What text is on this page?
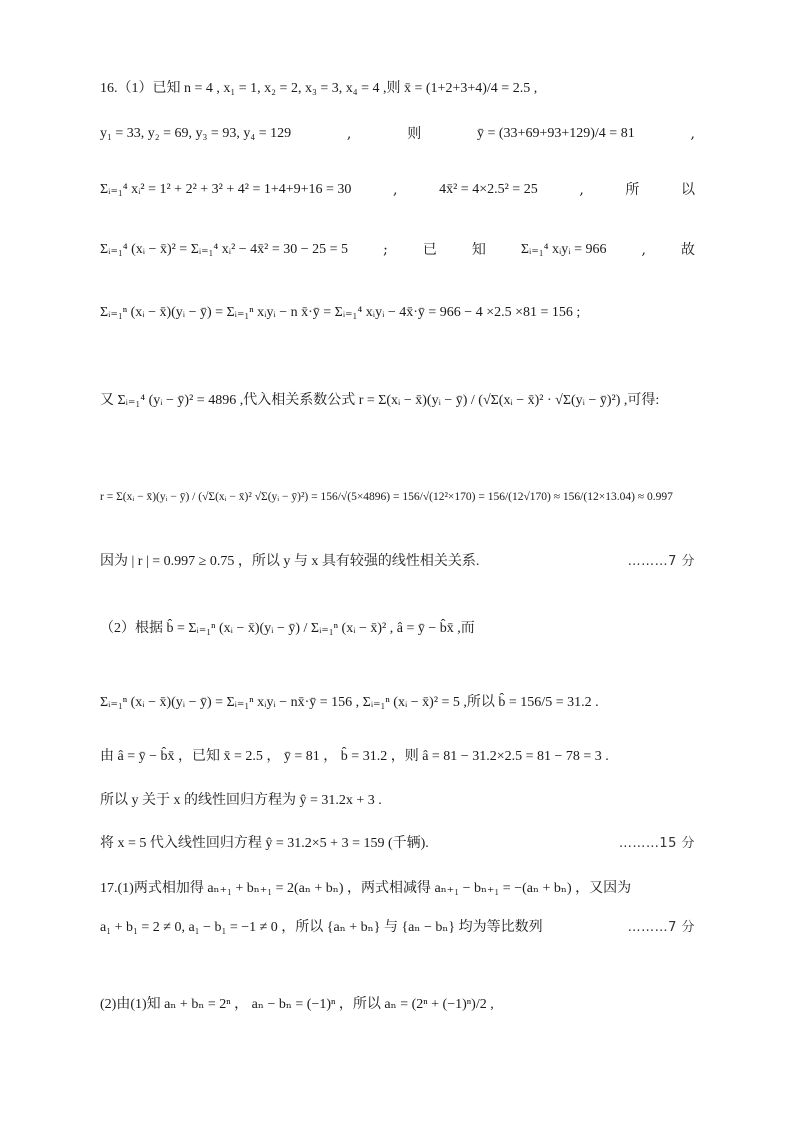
16.（1）已知 n = 4 , x₁ = 1, x₂ = 2, x₃ = 3, x₄ = 4 ,则 x̄ = (1+2+3+4)/4 = 2.5 ,
y₁ = 33, y₂ = 69, y₃ = 93, y₄ = 129	,	则	ȳ = (33+69+93+129)/4 = 81	,
Σᵢ₌₁⁴ xᵢ² = 1² + 2² + 3² + 4² = 1+4+9+16 = 30	,	4x̄² = 4×2.5² = 25	,	所	以
Σᵢ₌₁⁴ (xᵢ − x̄)² = Σᵢ₌₁⁴ xᵢ² − 4x̄² = 30 − 25 = 5	;	已	知	Σᵢ₌₁⁴ xᵢyᵢ = 966	,	故
Σᵢ₌₁ⁿ (xᵢ − x̄)(yᵢ − ȳ) = Σᵢ₌₁ⁿ xᵢyᵢ − n x̄·ȳ = Σᵢ₌₁⁴ xᵢyᵢ − 4x̄·ȳ = 966 − 4 ×2.5 ×81 = 156 ;
又 Σᵢ₌₁⁴ (yᵢ − ȳ)² = 4896 ,代入相关系数公式 r = Σ(xᵢ − x̄)(yᵢ − ȳ) / (√Σ(xᵢ − x̄)² · √Σ(yᵢ − ȳ)²) ,可得:
r = Σ(xᵢ − x̄)(yᵢ − ȳ) / (√Σ(xᵢ − x̄)² √Σ(yᵢ − ȳ)²) = 156/√(5×4896) = 156/√(12²×170) = 156/(12√170) ≈ 156/(12×13.04) ≈ 0.997
因为 | r | = 0.997 ≥ 0.75 ，所以 y 与 x 具有较强的线性相关关系.	………7 分
（2）根据 b̂ = Σᵢ₌₁ⁿ (xᵢ − x̄)(yᵢ − ȳ) / Σᵢ₌₁ⁿ (xᵢ − x̄)² , â = ȳ − b̂x̄ ,而
Σᵢ₌₁ⁿ (xᵢ − x̄)(yᵢ − ȳ) = Σᵢ₌₁ⁿ xᵢyᵢ − nx̄·ȳ = 156 , Σᵢ₌₁ⁿ (xᵢ − x̄)² = 5 ,所以 b̂ = 156/5 = 31.2 .
由 â = ȳ − b̂x̄ ，已知 x̄ = 2.5 ， ȳ = 81 ， b̂ = 31.2 ，则 â = 81 − 31.2×2.5 = 81 − 78 = 3 .
所以 y 关于 x 的线性回归方程为 ŷ = 31.2x + 3 .
将 x = 5 代入线性回归方程 ŷ = 31.2×5 + 3 = 159 (千辆).	………15 分
17.(1)两式相加得 aₙ₊₁ + bₙ₊₁ = 2(aₙ + bₙ) ，两式相减得 aₙ₊₁ − bₙ₊₁ = −(aₙ + bₙ) ，又因为
a₁ + b₁ = 2 ≠ 0, a₁ − b₁ = −1 ≠ 0 ，所以 {aₙ + bₙ} 与 {aₙ − bₙ} 均为等比数列	………7 分
(2)由(1)知 aₙ + bₙ = 2ⁿ ， aₙ − bₙ = (−1)ⁿ ，所以 aₙ = (2ⁿ + (−1)ⁿ)/2 ,
